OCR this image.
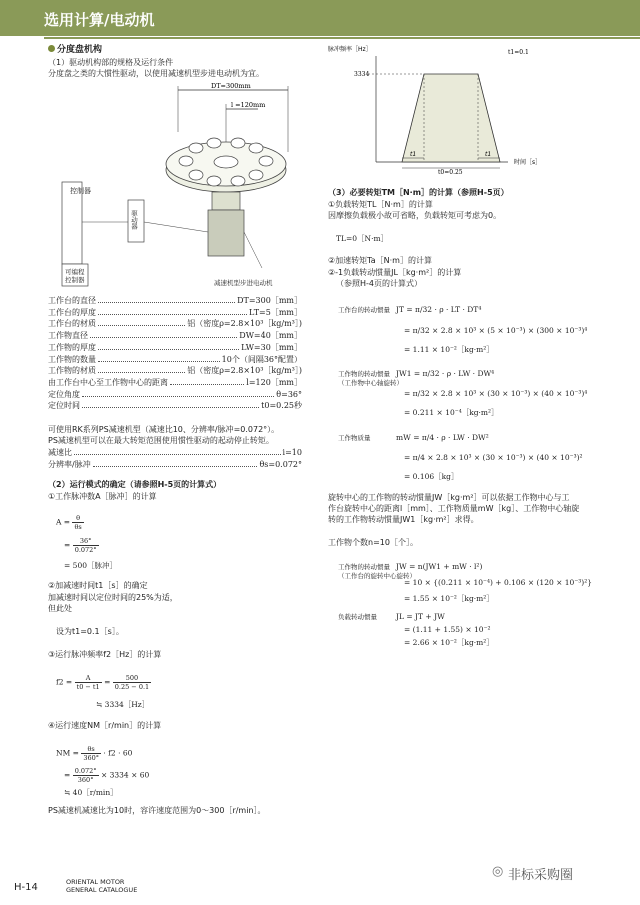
选用计算/电动机
分度盘机构
（1）驱动机构部的规格及运行条件
分度盘之类的大惯性驱动，以使用减速机型步进电动机为宜。
DT=300mm
l =120mm
控制器
驱动器
可编程
控制器	减速机型步进电动机
工作台的直径	DT=300［mm］
工作台的厚度	LT=5［mm］
工作台的材质	铝（密度ρ=2.8×10³［kg/m³］)
工作物直径	DW=40［mm］
工作物的厚度	LW=30［mm］
工作物的数量	10个（间隔36°配置）
工作物的材质	铝（密度ρ=2.8×10³［kg/m³］)
由工作台中心至工作物中心的距离	l=120［mm］
定位角度	θ=36°
定位时间	t0=0.25秒
可使用RK系列PS减速机型（减速比10、分辨率/脉冲=0.072°）。
PS减速机型可以在最大转矩范围使用惯性驱动的起动停止转矩。
减速比	i=10
分辨率/脉冲	θs=0.072°
（2）运行模式的确定（请参照H-5页的计算式）
①工作脉冲数A［脉冲］的计算
$A = \frac{\theta}{\theta s}$
= $\frac{36^\circ}{0.072^\circ}$
= 500［脉冲］
②加减速时间t1［s］的确定
加减速时间以定位时间的25%为适，
但此处
设为t1=0.1［s］。
③运行脉冲频率f2［Hz］的计算
$f2 = \frac{A}{t0 - t1} = \frac{500}{0.25 - 0.1}$
≒ 3334［Hz］
④运行速度NM［r/min］的计算
NM = $\frac{\theta s}{360^\circ} \cdot f2 \cdot 60$
= $\frac{0.072^\circ}{360^\circ} \times 3334 \times 60$
≒ 40［r/min］
PS减速机减速比为10时，容许速度范围为0～300［r/min］。
脉冲频率［Hz］	t1=0.1
3334
t1	t1
t0=0.25
时间［s］
（3）必要转矩TM［N·m］的计算（参照H-5页）
①负载转矩TL［N·m］的计算
因摩擦负载极小故可省略，负载转矩可考虑为0。
TL=0［N·m］
②加速转矩Ta［N·m］的计算
②-1负载转动惯量JL［kg·m²］的计算
（参照H-4页的计算式）
工作台的转动惯量 JT = π/32 · ρ · LT · DT⁴
= π/32 × 2.8 × 10³ × (5 × 10⁻³) × (300 × 10⁻³)⁴
= 1.11 × 10⁻²［kg·m²］
工作物的转动惯量
（工作物中心轴旋转）
JW1 = π/32 · ρ · LW · DW⁴
= π/32 × 2.8 × 10³ × (30 × 10⁻³) × (40 × 10⁻³)⁴
= 0.211 × 10⁻⁴［kg·m²］
工作物质量	mW = π/4 · ρ · LW · DW²
= π/4 × 2.8 × 10³ × (30 × 10⁻³) × (40 × 10⁻³)²
= 0.106［kg］
旋转中心的工作物的转动惯量JW［kg·m²］可以依据工作物中心与工
作台旋转中心的距离l［mm］、工作物质量mW［kg］、工作物中心轴旋
转的工作物转动惯量JW1［kg·m²］求得。
工作物个数n=10［个］。
工作物的转动惯量
（工作台的旋转中心旋转）
JW = n(JW1 + mW · l²)
= 10 × {(0.211 × 10⁻⁴) + 0.106 × (120 × 10⁻³)²}
= 1.55 × 10⁻²［kg·m²］
负载转动惯量	JL = JT + JW
= (1.11 + 1.55) × 10⁻²
= 2.66 × 10⁻²［kg·m²］
H-14	ORIENTAL MOTOR
GENERAL CATALOGUE
◎ 非标采购圈
